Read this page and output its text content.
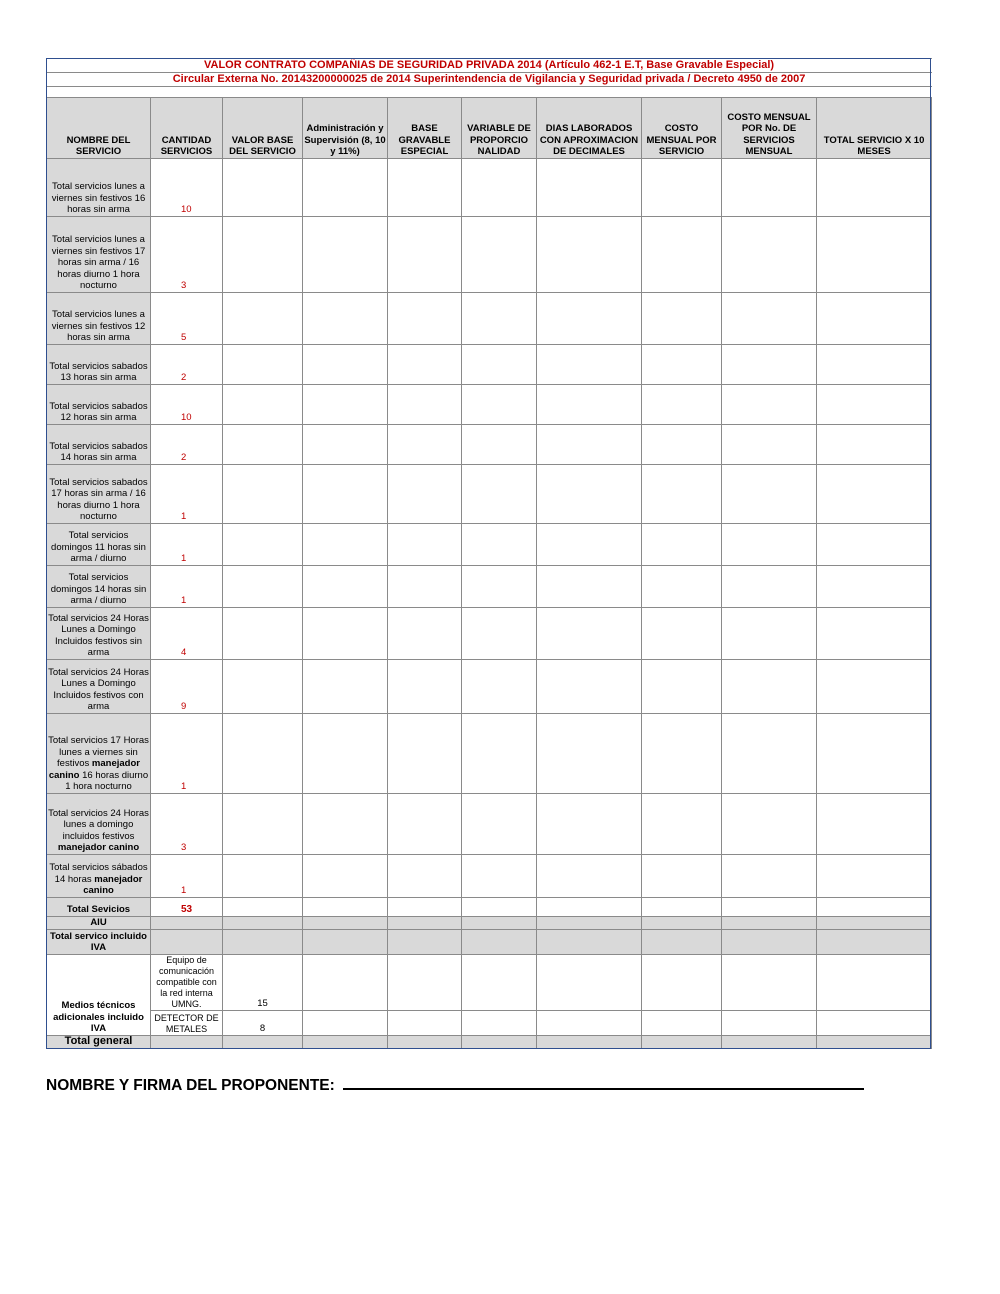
VALOR CONTRATO COMPAÑIAS DE SEGURIDAD PRIVADA 2014 (Artículo 462-1 E.T, Base Gravable Especial)									
Circular Externa No. 20143200000025 de 2014 Superintendencia de Vigilancia y Seguridad privada / Decreto 4950 de 2007									

NOMBRE DEL SERVICIO	CANTIDAD SERVICIOS	VALOR BASE DEL SERVICIO	Administración y Supervisión (8, 10 y 11%)	BASE GRAVABLE ESPECIAL	VARIABLE DE PROPORCIO NALIDAD	DIAS LABORADOS CON APROXIMACION DE DECIMALES	COSTO MENSUAL POR SERVICIO	COSTO MENSUAL POR No. DE SERVICIOS MENSUAL	TOTAL SERVICIO X 10 MESES
Total servicios lunes a viernes sin festivos 16 horas sin arma	10								
Total servicios lunes a viernes sin festivos 17 horas sin arma / 16 horas diurno 1 hora nocturno	3								
Total servicios lunes a viernes sin festivos 12 horas sin arma	5								
Total servicios sabados 13 horas sin arma	2								
Total servicios sabados 12 horas sin arma	10								
Total servicios sabados 14 horas sin arma	2								
Total servicios sabados 17 horas sin arma / 16 horas diurno 1 hora nocturno	1								
Total servicios domingos 11 horas sin arma / diurno	1								
Total servicios domingos 14 horas sin arma / diurno	1								
Total servicios 24 Horas Lunes a Domingo Incluidos festivos sin arma	4								
Total servicios 24 Horas Lunes a Domingo Incluidos festivos con arma	9								
Total servicios 17 Horas lunes a viernes sin festivos manejador canino 16 horas diurno 1 hora nocturno	1								
Total servicios 24 Horas lunes a domingo incluidos festivos manejador canino	3								
Total servicios sábados 14 horas manejador canino	1								
Total Sevicios	53								
AIU									
Total servico incluido IVA									
Medios técnicos adicionales incluido IVA	Equipo de comunicación compatible con la red interna UMNG.	15							
	DETECTOR DE METALES	8							
Total general									
NOMBRE Y FIRMA DEL PROPONENTE:
